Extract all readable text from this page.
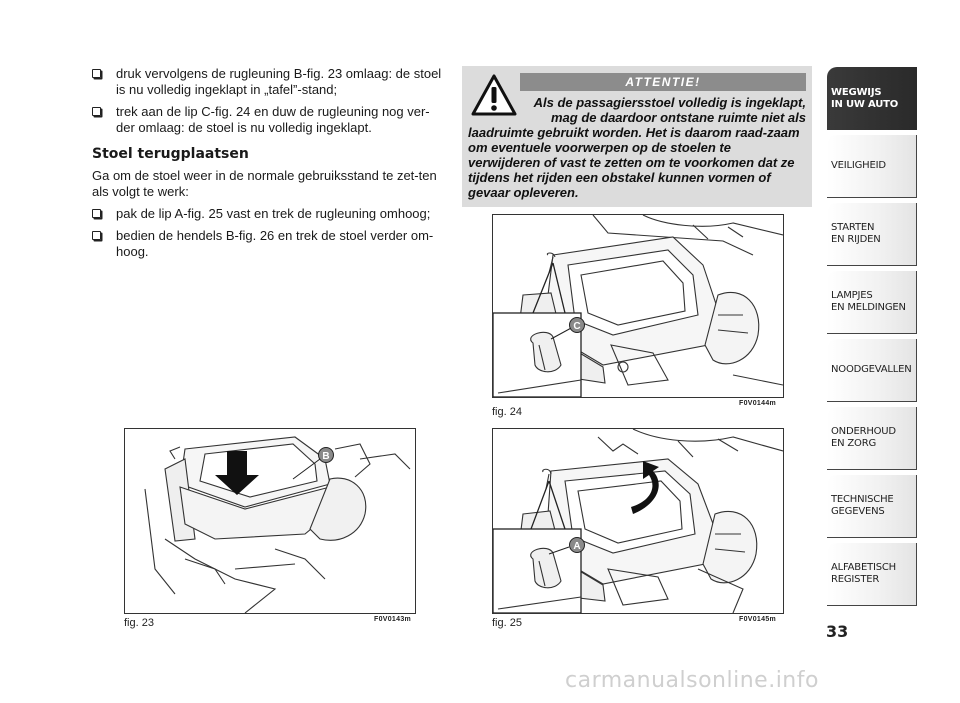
druk vervolgens de rugleuning B-fig. 23 omlaag: de stoel is nu volledig ingeklapt in „tafel”-stand;
trek aan de lip C-fig. 24 en duw de rugleuning nog ver-der omlaag: de stoel is nu volledig ingeklapt.
Stoel terugplaatsen
Ga om de stoel weer in de normale gebruiksstand te zet-ten als volgt te werk:
pak de lip A-fig. 25 vast en trek de rugleuning omhoog;
bedien de hendels B-fig. 26 en trek de stoel verder om-hoog.
ATTENTIE!
Als de passagiersstoel volledig is ingeklapt,
mag de daardoor ontstane ruimte niet als
laadruimte gebruikt worden. Het is daarom raad-zaam om eventuele voorwerpen op de stoelen te verwijderen of vast te zetten om te voorkomen dat ze tijdens het rijden een obstakel kunnen vormen of gevaar opleveren.
C
fig. 24
F0V0144m
A
fig. 25	F0V0145m
B
fig. 23	F0V0143m
WEGWIJS
IN UW AUTO
VEILIGHEID
STARTEN
EN RIJDEN
LAMPJES
EN MELDINGEN
NOODGEVALLEN
ONDERHOUD
EN ZORG
TECHNISCHE
GEGEVENS
ALFABETISCH
REGISTER
33
carmanualsonline.info
